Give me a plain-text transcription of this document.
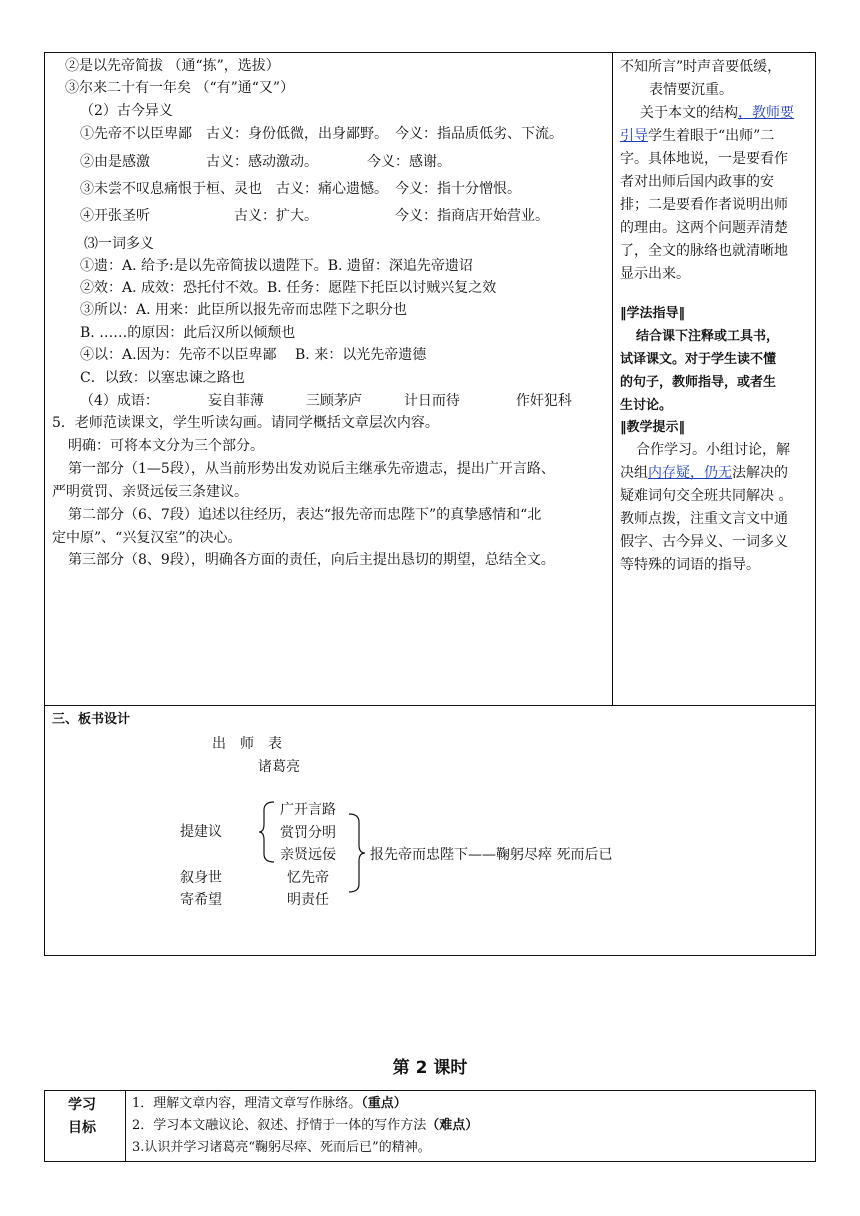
②是以先帝简拔 （通“拣”，选拔）
③尔来二十有一年矣 （“有”通“又”）
（2）古今异义
①先帝不以臣卑鄙　古义：身份低微，出身鄙野。　今义：指品质低劣、下流。
②由是感激　　　　古义：感动激动。　　　　今义：感谢。
③未尝不叹息痛恨于桓、灵也　古义：痛心遗憾。　今义：指十分憎恨。
④开张圣听　　　　　　古义：扩大。　　　　　　今义：指商店开始营业。
⑶一词多义
①遗：A. 给予:是以先帝简拔以遗陛下。B. 遗留：深追先帝遗诏
②效：A. 成效：恐托付不效。B. 任务：愿陛下托臣以讨贼兴复之效
③所以：A. 用来：此臣所以报先帝而忠陛下之职分也
B. ……的原因：此后汉所以倾颓也
④以：A.因为：先帝不以臣卑鄙　 B. 来：以光先帝遗德
C．以致：以塞忠谏之路也
（4）成语：　　　　妄自菲薄　　　三顾茅庐　　　计日而待　　　　作奸犯科
5．老师范读课文，学生听读勾画。请同学概括文章层次内容。
明确：可将本文分为三个部分。
第一部分（1—5段），从当前形势出发劝说后主继承先帝遗志，提出广开言路、
严明赏罚、亲贤远佞三条建议。
第二部分（6、7段）追述以往经历，表达“报先帝而忠陛下”的真挚感情和“北
定中原”、“兴复汉室”的决心。
第三部分（8、9段），明确各方面的责任，向后主提出恳切的期望，总结全文。
不知所言”时声音要低缓，
表情要沉重。
关于本文的结构，教师要
引导学生着眼于“出师”二
字。具体地说，一是要看作
者对出师后国内政事的安
排；二是要看作者说明出师
的理由。这两个问题弄清楚
了，全文的脉络也就清晰地
显示出来。
‖学法指导‖
结合课下注释或工具书，
试译课文。对于学生读不懂
的句子，教师指导，或者生
生讨论。
‖教学提示‖
合作学习。小组讨论，解
决组内存疑，仍无法解决的
疑难词句交全班共同解决 。
教师点拨，注重文言文中通
假字、古今异义、一词多义
等特殊的词语的指导。
三、板书设计
出　师　表
诸葛亮
提建议
叙身世
寄希望
广开言路
赏罚分明
亲贤远佞
忆先帝
明责任
报先帝而忠陛下——鞠躬尽瘁 死而后已
第 2 课时
学习
目标
1．理解文章内容，理清文章写作脉络。（重点）
2．学习本文融议论、叙述、抒情于一体的写作方法（难点）
3.认识并学习诸葛亮“鞠躬尽瘁、死而后已”的精神。
